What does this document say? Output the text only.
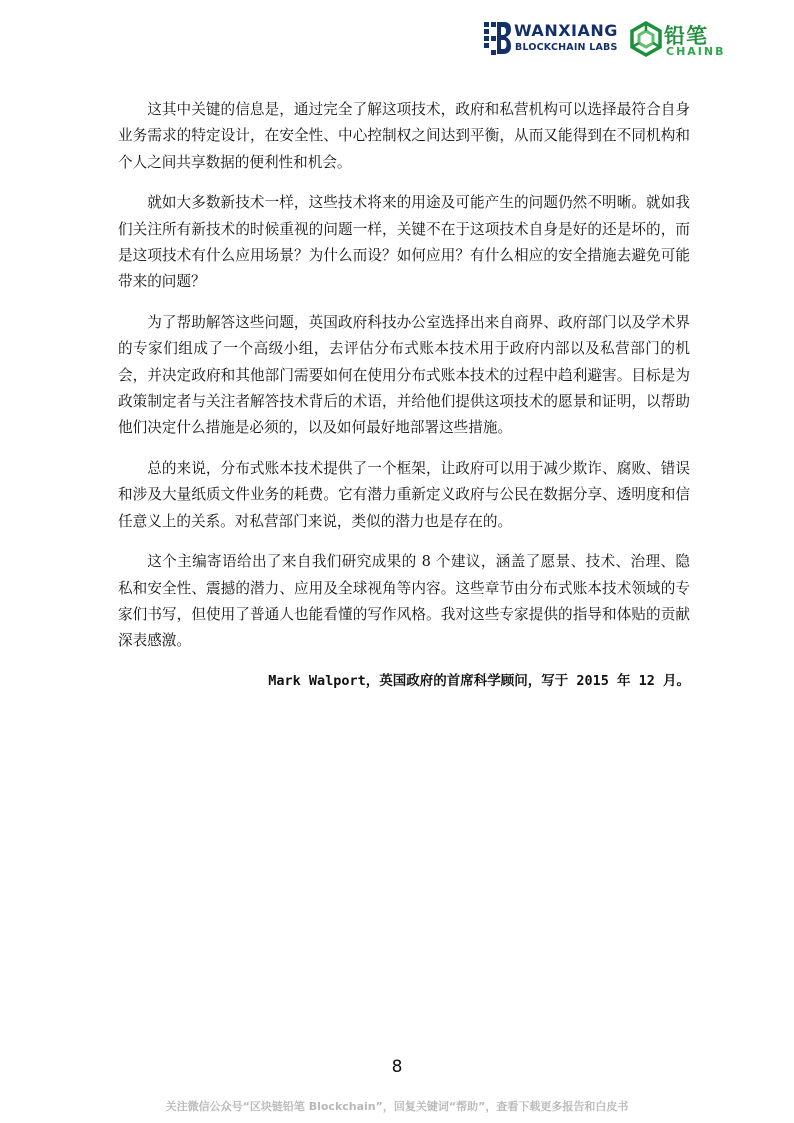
WANXIANG
BLOCKCHAIN LABS 铅笔
CHAINB

这其中关键的信息是，通过完全了解这项技术，政府和私营机构可以选择最符合自身业务需求的特定设计，在安全性、中心控制权之间达到平衡，从而又能得到在不同机构和个人之间共享数据的便利性和机会。

就如大多数新技术一样，这些技术将来的用途及可能产生的问题仍然不明晰。就如我们关注所有新技术的时候重视的问题一样，关键不在于这项技术自身是好的还是坏的，而是这项技术有什么应用场景？为什么而设？如何应用？有什么相应的安全措施去避免可能带来的问题？

为了帮助解答这些问题，英国政府科技办公室选择出来自商界、政府部门以及学术界的专家们组成了一个高级小组，去评估分布式账本技术用于政府内部以及私营部门的机会，并决定政府和其他部门需要如何在使用分布式账本技术的过程中趋利避害。目标是为政策制定者与关注者解答技术背后的术语，并给他们提供这项技术的愿景和证明，以帮助他们决定什么措施是必须的，以及如何最好地部署这些措施。

总的来说，分布式账本技术提供了一个框架，让政府可以用于减少欺诈、腐败、错误和涉及大量纸质文件业务的耗费。它有潜力重新定义政府与公民在数据分享、透明度和信任意义上的关系。对私营部门来说，类似的潜力也是存在的。

这个主编寄语给出了来自我们研究成果的 8 个建议，涵盖了愿景、技术、治理、隐私和安全性、震撼的潜力、应用及全球视角等内容。这些章节由分布式账本技术领域的专家们书写，但使用了普通人也能看懂的写作风格。我对这些专家提供的指导和体贴的贡献深表感激。

Mark Walport，英国政府的首席科学顾问，写于 2015 年 12 月。
8
关注微信公众号“区块链铅笔 Blockchain”，回复关键词“帮助”，查看下载更多报告和白皮书
